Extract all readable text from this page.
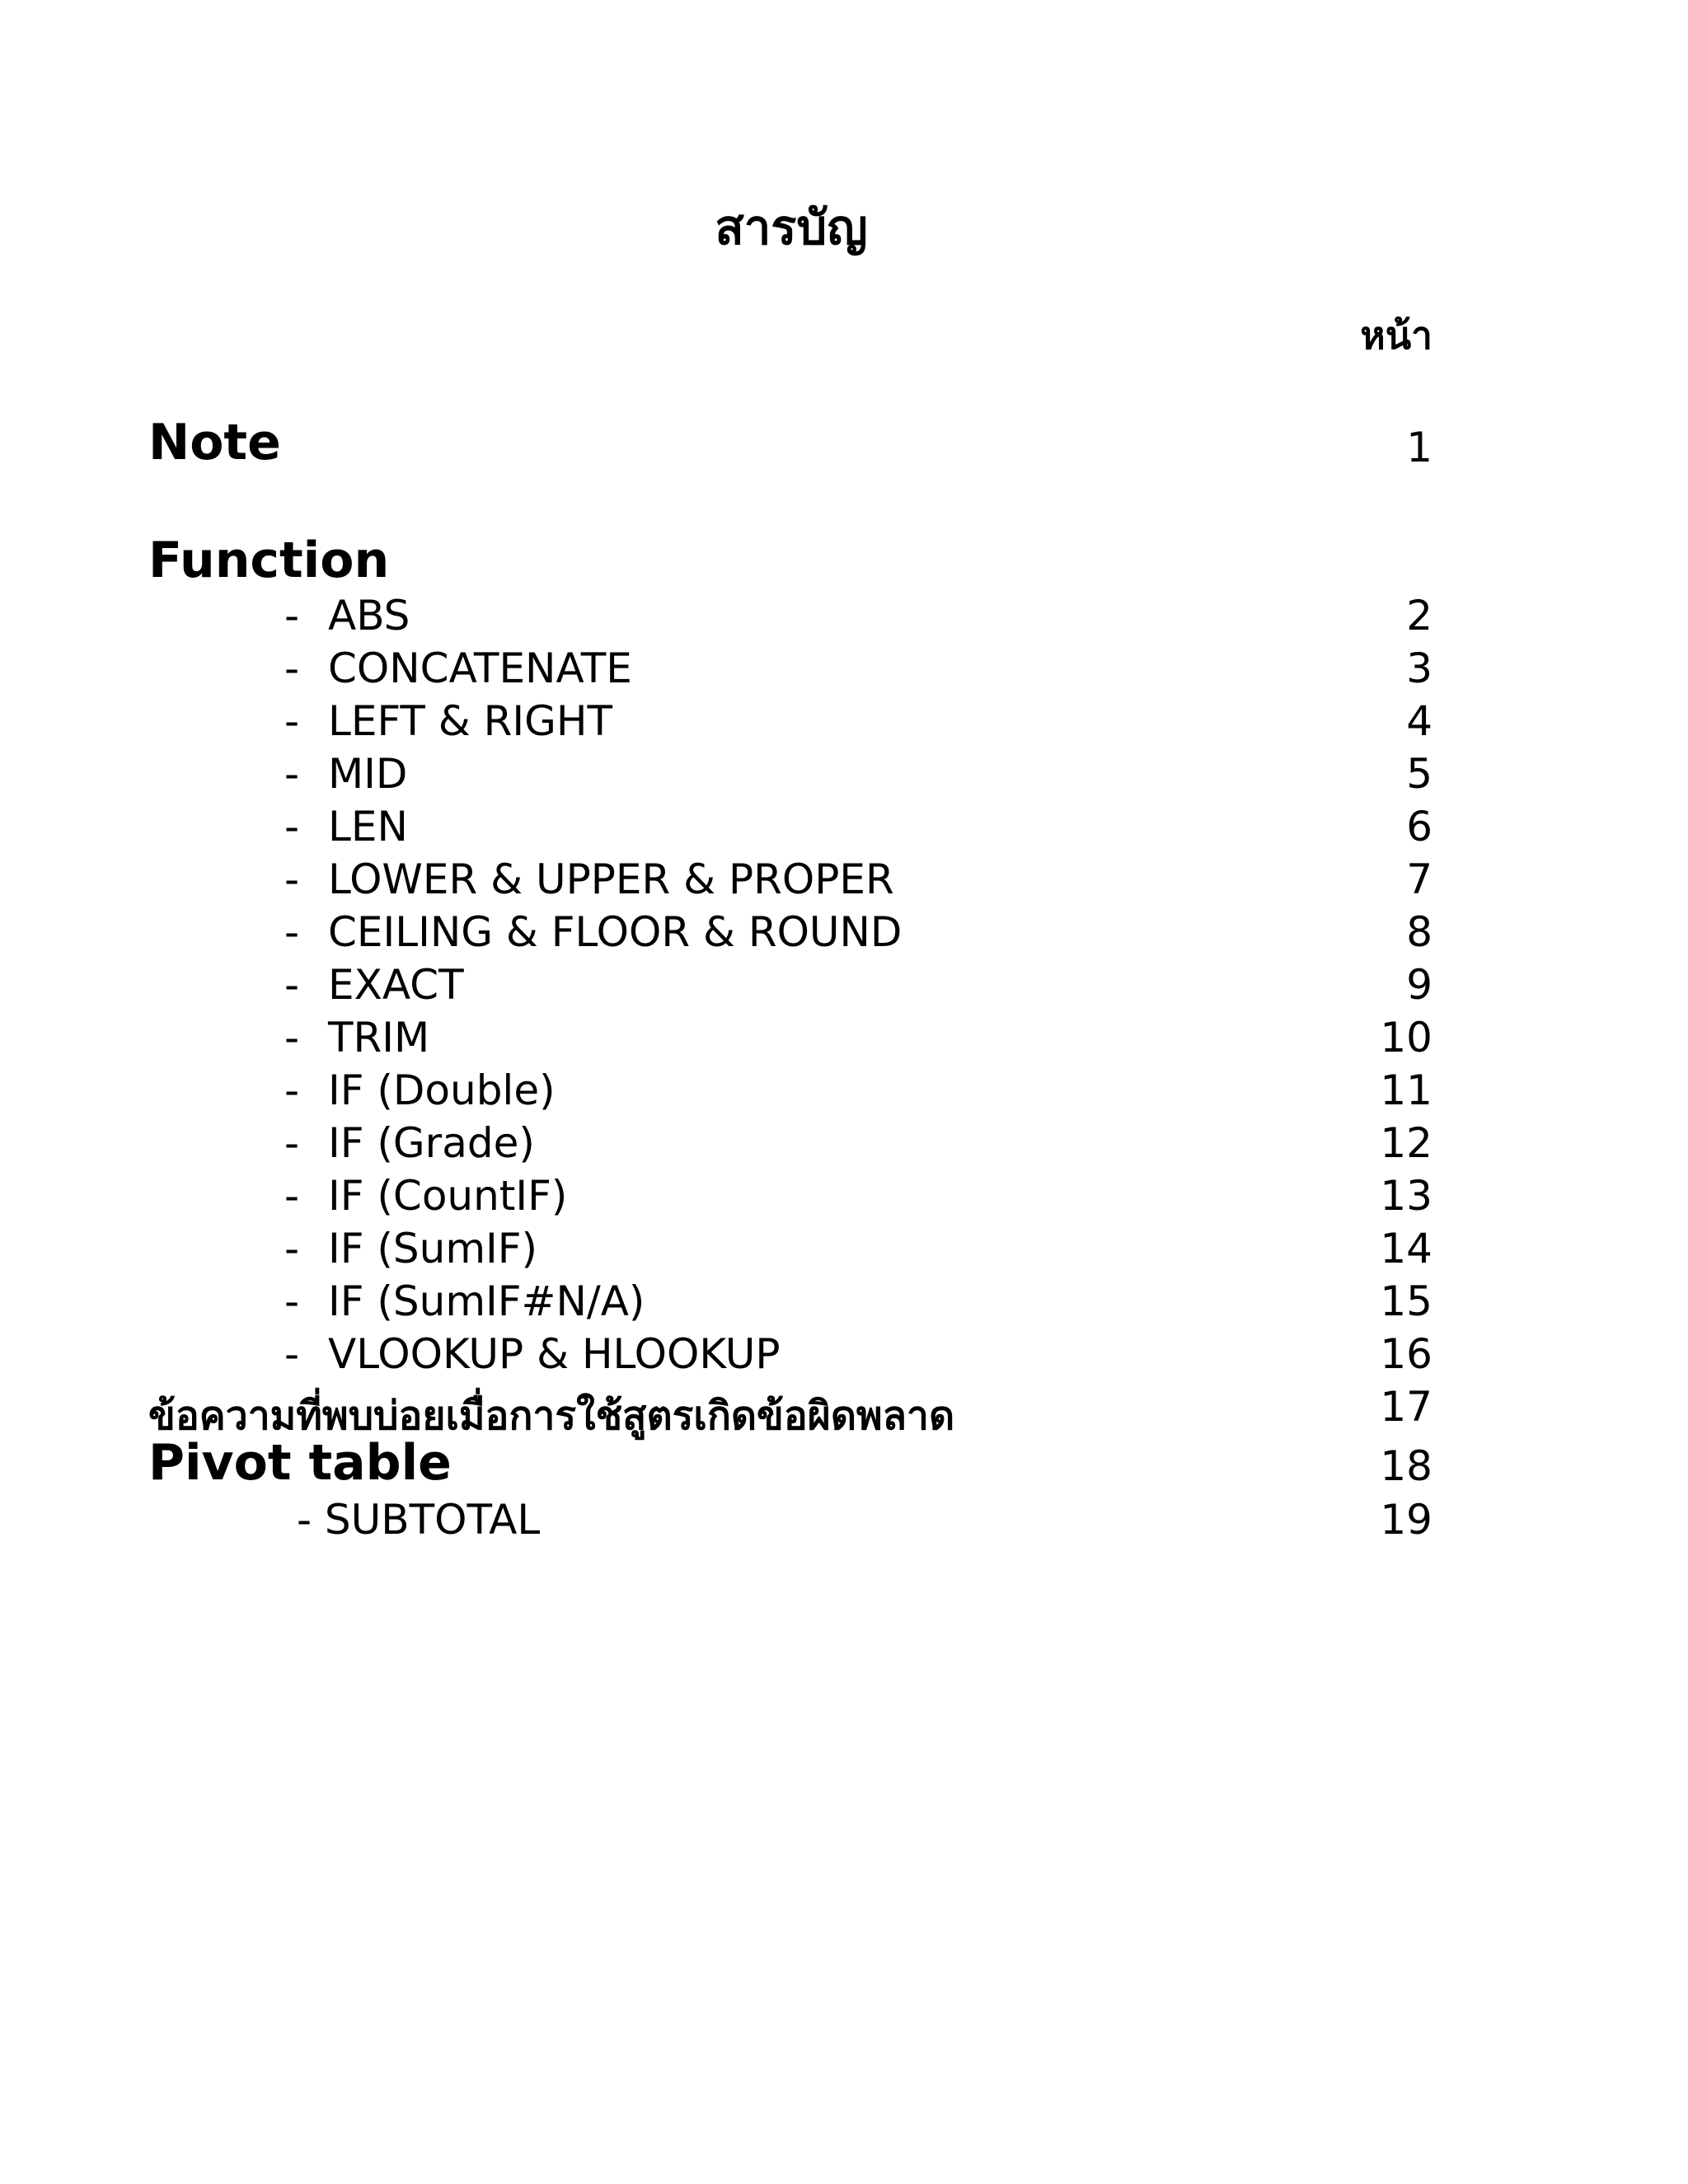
สารบัญ
หน้า
Note	1
Function
- ABS	2
- CONCATENATE	3
- LEFT & RIGHT	4
- MID	5
- LEN	6
- LOWER & UPPER & PROPER	7
- CEILING & FLOOR & ROUND	8
- EXACT	9
- TRIM	10
- IF (Double)	11
- IF (Grade)	12
- IF (CountIF)	13
- IF (SumIF)	14
- IF (SumIF#N/A)	15
- VLOOKUP & HLOOKUP	16
ข้อความที่พบบ่อยเมื่อการใช้สูตรเกิดข้อผิดพลาด	17
Pivot table	18
- SUBTOTAL	19
